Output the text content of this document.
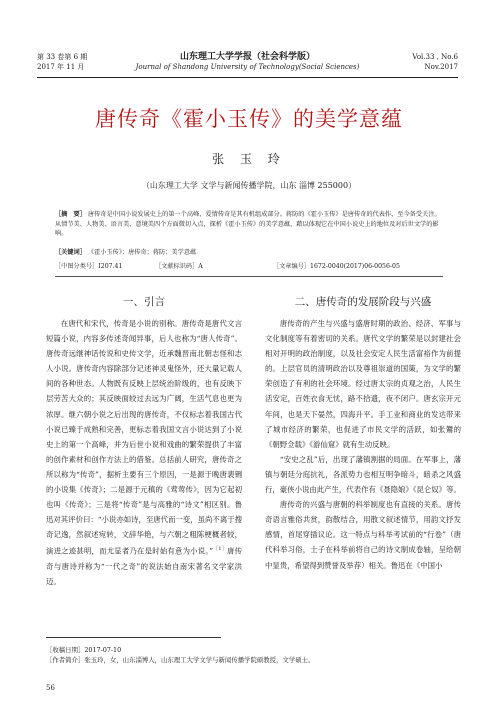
第 33 卷第 6 期
2017 年 11 月
山东理工大学学报（社会科学版）
Journal of Shandong University of Technology(Social Sciences)
Vol.33 , No.6
Nov.2017
唐传奇《霍小玉传》的美学意蕴
张 玉 玲
（山东理工大学 文学与新闻传播学院，山东 淄博 255000）
［摘　要］ 唐传奇是中国小说发展史上的第一个高峰，爱情传奇是其有机组成部分。蒋防的《霍小玉传》是唐传奇的代表作，至今备受关注。从情节美、人物美、语言美、意境美四个方面微切入点，探析《霍小玉传》的美学意蕴，藉以体现它在中国小说史上的地位及对后世文学的影响。
［关键词］ 《霍小玉传》；唐传奇；蒋防；美学意蕴
［中图分类号］I207.41	［文献标识码］A	［文章编号］1672-0040(2017)06-0056-05
一、引言

在唐代和宋代，传奇是小说的别称。唐传奇是唐代文言短篇小说，内容多传述奇闻异事，后人也称为“唐人传奇”。唐传奇远继神话传说和史传文学，近承魏晋南北朝志怪和志人小说。唐传奇内容除部分记述神灵鬼怪外，还大量记载人间的各种世态。人物既有反映上层统治阶级的，也有反映下层劳苦大众的；其反映面较过去远为广阔，生活气息也更为浓厚。继六朝小说之后出现的唐传奇，不仅标志着我国古代小说已臻于成熟和完善，更标志着我国文言小说达到了小说史上的第一个高峰，并为后世小说和戏曲的繁荣提供了丰富的创作素材和创作方法上的借鉴。总括前人研究，唐传奇之所以称为“传奇”，据析主要有三个原因，一是源于晚唐裴铏的小说集《传奇》；二是源于元稹的《莺莺传》，因为它起初也叫《传奇》；三是将“传奇”是与高雅的“诗文”相区别。鲁迅对其评价曰：“小说亦如诗，至唐代而一变，虽尚不离于搜奇记逸，然叙述宛转，文辞华艳，与六朝之粗陈梗概者较，演进之迹甚明，而尤显者乃在是时始有意为小说。”$^{[1]}$唐传奇与唐诗并称为“一代之奇”的说法始自南宋著名文学家洪迈。

二、唐传奇的发展阶段与兴盛

唐传奇的产生与兴盛与盛唐时期的政治、经济、军事与文化制度等有着密切的关系。唐代文学的繁荣是以封建社会相对开明的政治制度，以及社会安定人民生活富裕作为前提的。上层官员的清明政治以及尊祖崇道的国策，为文学的繁荣创造了有利的社会环境。经过唐太宗的贞观之治，人民生活安定，百姓衣食无忧，路不拾遗，夜不闭户。唐玄宗开元年间，也是天下晏然，四海升平。手工业和商业的发达带来了城市经济的繁荣，也促进了市民文学的活跃，如张鷟的《朝野佥载》《游仙窟》就有生动反映。

“安史之乱”后，出现了藩镇割据的局面。在军事上，藩镇与朝廷分庭抗礼，各派势力也相互明争暗斗，暗杀之风盛行，豪侠小说由此产生，代表作有《聂隐娘》《昆仑奴》等。

唐传奇的兴盛与唐朝的科举制度也有直接的关系。唐传奇语言雅俗共赏，韵散结合，用散文叙述情节，用韵文抒发感情，首尾穿插议论。这一特点与科举考试前的“行卷”（唐代科举习俗，士子在科举前将自己的诗文制成卷轴，呈给朝中显贵，希望得到赞誉及举荐）相关。鲁迅在《中国小

［收稿日期］2017-07-10
［作者简介］张玉玲，女，山东淄博人，山东理工大学文学与新闻传播学院硕教授，文学硕士。
56
